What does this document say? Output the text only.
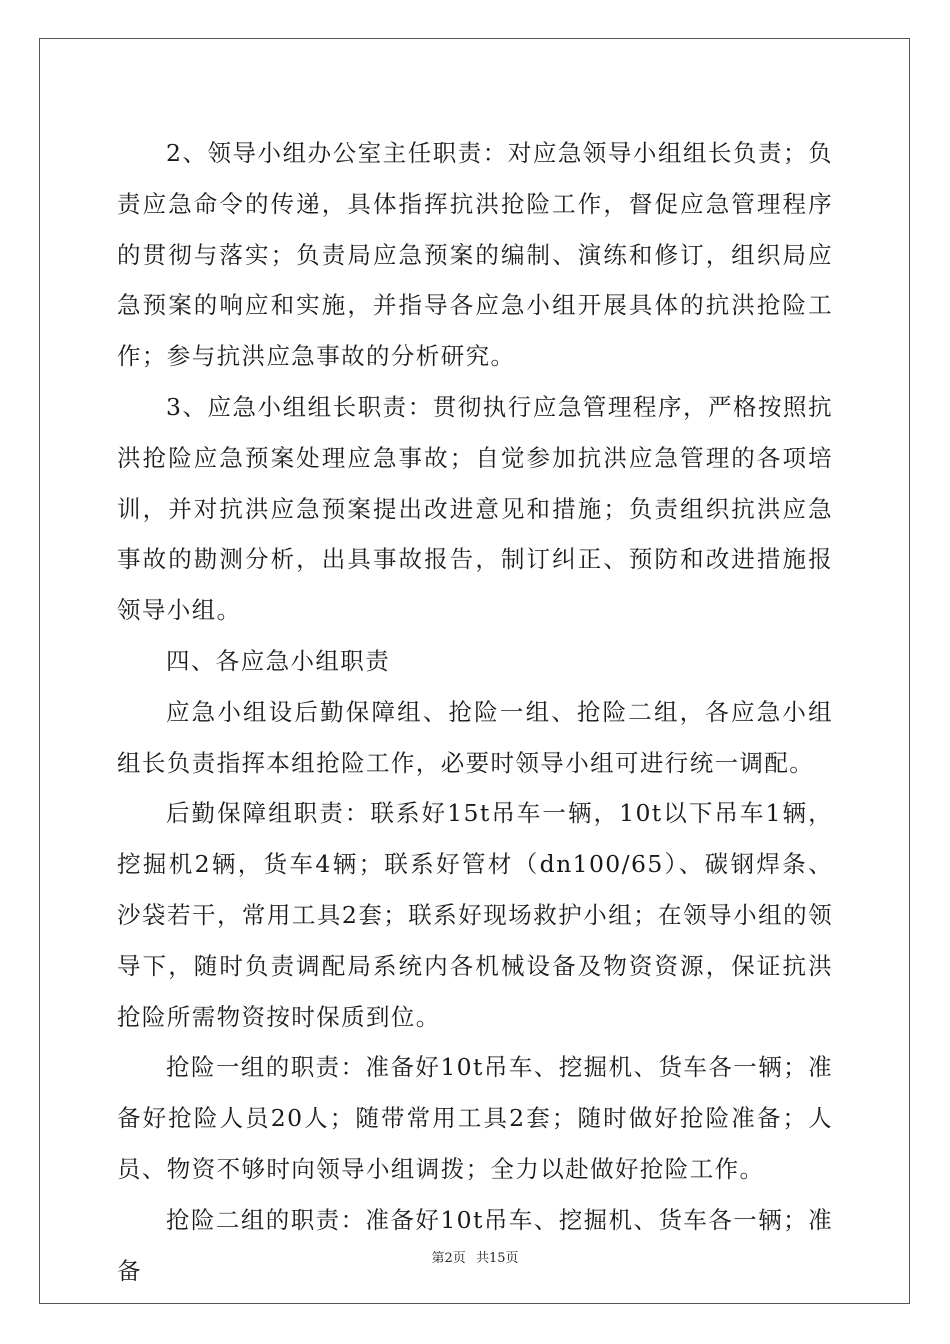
2、领导小组办公室主任职责：对应急领导小组组长负责；负责应急命令的传递，具体指挥抗洪抢险工作，督促应急管理程序的贯彻与落实；负责局应急预案的编制、演练和修订，组织局应急预案的响应和实施，并指导各应急小组开展具体的抗洪抢险工作；参与抗洪应急事故的分析研究。

3、应急小组组长职责：贯彻执行应急管理程序，严格按照抗洪抢险应急预案处理应急事故；自觉参加抗洪应急管理的各项培训，并对抗洪应急预案提出改进意见和措施；负责组织抗洪应急事故的勘测分析，出具事故报告，制订纠正、预防和改进措施报领导小组。

四、各应急小组职责

应急小组设后勤保障组、抢险一组、抢险二组，各应急小组组长负责指挥本组抢险工作，必要时领导小组可进行统一调配。

后勤保障组职责：联系好15t吊车一辆，10t以下吊车1辆，挖掘机2辆，货车4辆；联系好管材（dn100/65）、碳钢焊条、沙袋若干，常用工具2套；联系好现场救护小组；在领导小组的领导下，随时负责调配局系统内各机械设备及物资资源，保证抗洪抢险所需物资按时保质到位。

抢险一组的职责：准备好10t吊车、挖掘机、货车各一辆；准备好抢险人员20人；随带常用工具2套；随时做好抢险准备；人员、物资不够时向领导小组调拨；全力以赴做好抢险工作。

抢险二组的职责：准备好10t吊车、挖掘机、货车各一辆；准备	第2页 共15页
